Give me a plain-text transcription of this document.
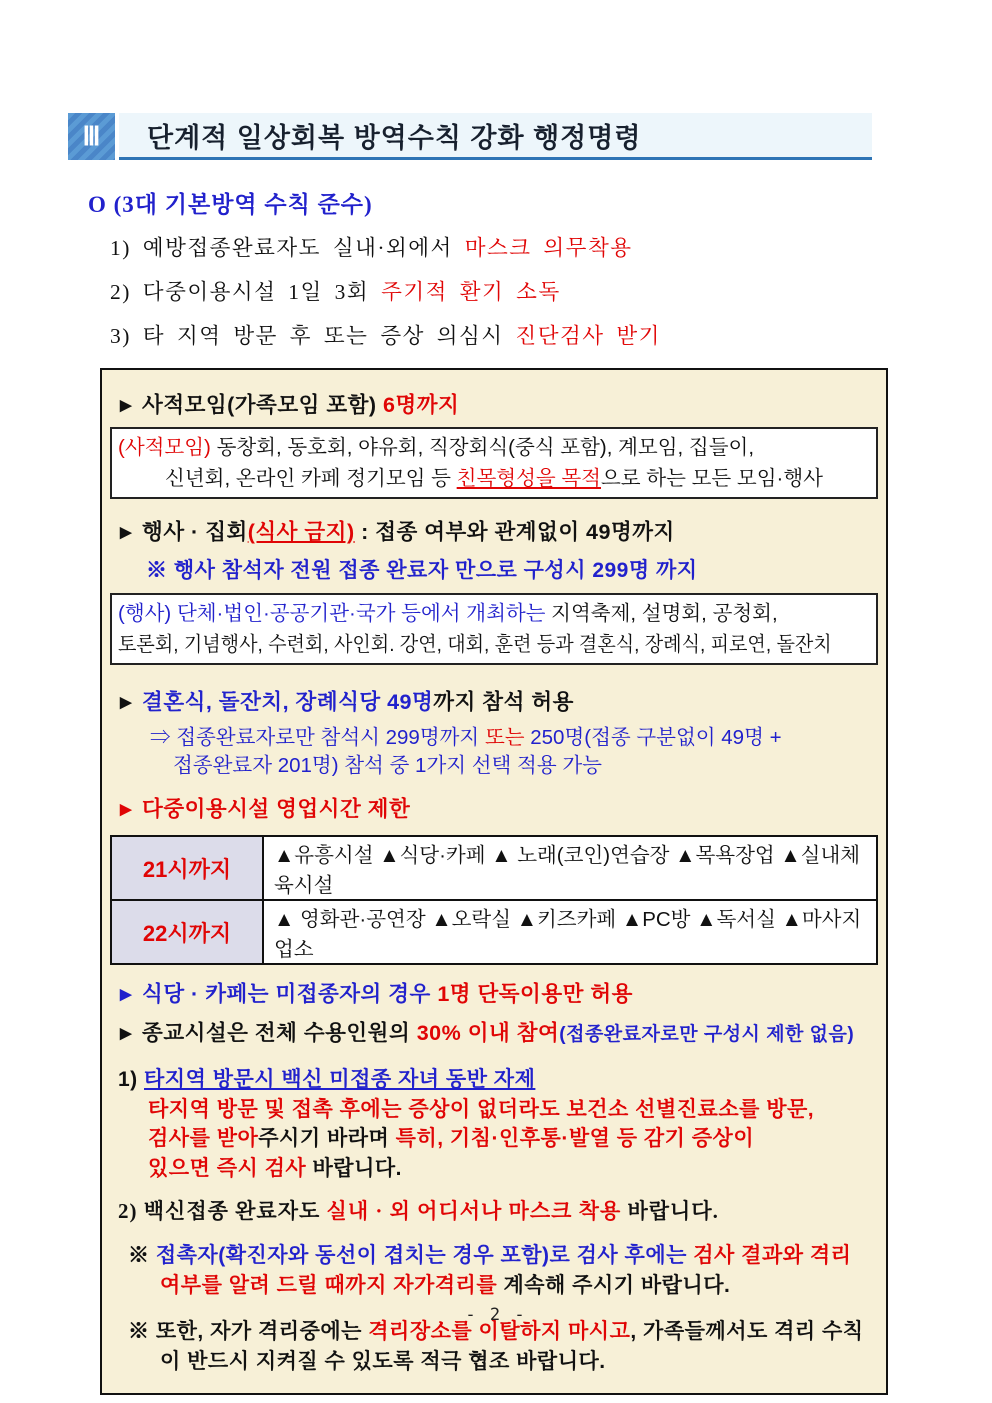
Ⅲ 단계적 일상회복 방역수칙 강화 행정명령
O (3대 기본방역 수칙 준수)
1) 예방접종완료자도 실내·외에서 마스크 의무착용
2) 다중이용시설 1일 3회 주기적 환기 소독
3) 타 지역 방문 후 또는 증상 의심시 진단검사 받기
▶ 사적모임(가족모임 포함) 6명까지
(사적모임) 동창회, 동호회, 야유회, 직장회식(중식 포함), 계모임, 집들이,
신년회, 온라인 카페 정기모임 등 친목형성을 목적으로 하는 모든 모임·행사
▶ 행사 · 집회(식사 금지) : 접종 여부와 관계없이 49명까지
※ 행사 참석자 전원 접종 완료자 만으로 구성시 299명 까지
(행사) 단체·법인·공공기관·국가 등에서 개최하는 지역축제, 설명회, 공청회,
토론회, 기념행사, 수련회, 사인회. 강연, 대회, 훈련 등과 결혼식, 장례식, 피로연, 돌잔치
▶ 결혼식, 돌잔치, 장례식당 49명까지 참석 허용
⇒ 접종완료자로만 참석시 299명까지 또는 250명(접종 구분없이 49명 +
접종완료자 201명) 참석 중 1가지 선택 적용 가능
▶ 다중이용시설 영업시간 제한
21시까지	▲유흥시설 ▲식당·카페 ▲ 노래(코인)연습장 ▲목욕장업 ▲실내체육시설
22시까지	▲ 영화관·공연장 ▲오락실 ▲키즈카페 ▲PC방 ▲독서실 ▲마사지업소
▶ 식당 · 카페는 미접종자의 경우 1명 단독이용만 허용
▶ 종교시설은 전체 수용인원의 30% 이내 참여(접종완료자로만 구성시 제한 없음)
1) 타지역 방문시 백신 미접종 자녀 동반 자제
타지역 방문 및 접촉 후에는 증상이 없더라도 보건소 선별진료소를 방문,
검사를 받아주시기 바라며 특히, 기침·인후통·발열 등 감기 증상이
있으면 즉시 검사 바랍니다.
2) 백신접종 완료자도 실내 · 외 어디서나 마스크 착용 바랍니다.
※ 접촉자(확진자와 동선이 겹치는 경우 포함)로 검사 후에는 검사 결과와 격리 여부를 알려 드릴 때까지 자가격리를 계속해 주시기 바랍니다.
※ 또한, 자가 격리중에는 격리장소를 이탈하지 마시고, 가족들께서도 격리 수칙이 반드시 지켜질 수 있도록 적극 협조 바랍니다.
- 2 -
